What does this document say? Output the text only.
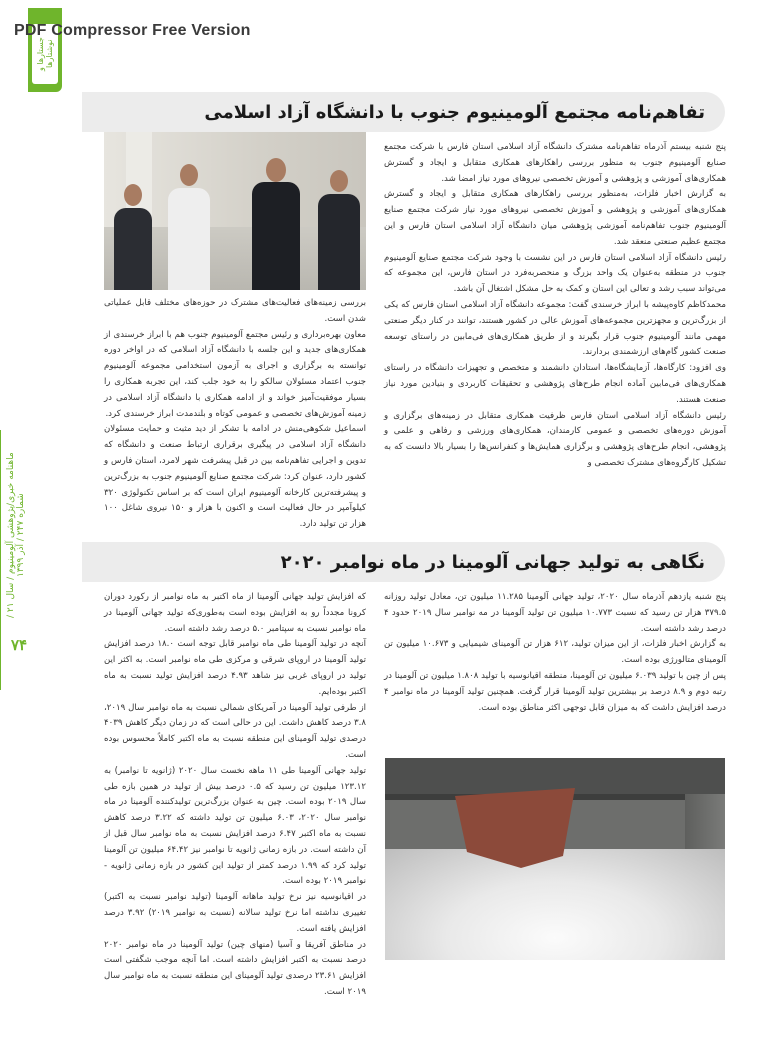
PDF Compressor Free Version
جستار‌ها و نوشتار‌ها
ماهنامه خبری/پژوهشی آلومینیوم / سال ۲۱ / شماره ۲۴۷ / آذر ۱۳۹۹
۷۴
تفاهم‌نامه مجتمع آلومینیوم جنوب با دانشگاه آزاد اسلامی

پنج شنبه بیستم آذرماه تفاهم‌نامه مشترک دانشگاه آزاد اسلامی استان فارس با شرکت مجتمع صنایع آلومینیوم جنوب به منظور بررسی راهکارهای همکاری متقابل و ایجاد و گسترش همکاری‌های آموزشی و پژوهشی و آموزش تخصصی نیروهای مورد نیاز امضا شد.

به گزارش اخبار فلزات، به‌منظور بررسی راهکارهای همکاری متقابل و ایجاد و گسترش همکاری‌های آموزشی و پژوهشی و آموزش تخصصی نیروهای مورد نیاز شرکت مجتمع صنایع آلومینیوم جنوب تفاهم‌نامه آموزشی پژوهشی میان دانشگاه آزاد اسلامی استان فارس و این مجتمع عظیم صنعتی منعقد شد.

رئیس دانشگاه آزاد اسلامی استان فارس در این نشست با وجود شرکت مجتمع صنایع آلومینیوم جنوب در منطقه به‌عنوان یک واحد بزرگ و منحصربه‌فرد در استان فارس، این مجموعه که می‌تواند سبب رشد و تعالی این استان و کمک به حل مشکل اشتغال آن باشد.

محمدکاظم کاوه‌پیشه با ابراز خرسندی گفت: مجموعه دانشگاه آزاد اسلامی استان فارس که یکی از بزرگ‌ترین و مجهزترین مجموعه‌های آموزش عالی در کشور هستند، توانند در کنار دیگر صنعتی مهمی مانند آلومینیوم جنوب قرار بگیرند و از طریق همکاری‌های فی‌مابین در راستای توسعه صنعت کشور گام‌های ارزشمندی بردارند.

وی افزود: کارگاه‌ها، آزمایشگاه‌ها، استادان دانشمند و متخصص و تجهیزات دانشگاه در راستای همکاری‌های فی‌مابین آماده انجام طرح‌های پژوهشی و تحقیقات کاربردی و بنیادین مورد نیاز صنعت هستند.

رئیس دانشگاه آزاد اسلامی استان فارس ظرفیت همکاری متقابل در زمینه‌های برگزاری و آموزش دوره‌های تخصصی و عمومی کارمندان، همکاری‌های ورزشی و رفاهی و علمی و پژوهشی، انجام طرح‌های پژوهشی و برگزاری همایش‌ها و کنفرانس‌ها را بسیار بالا دانست که به تشکیل کارگروه‌های مشترک تخصصی و

بررسی زمینه‌های فعالیت‌های مشترک در حوزه‌های مختلف قابل عملیاتی شدن است.

معاون بهره‌برداری و رئیس مجتمع آلومینیوم جنوب هم با ابراز خرسندی از همکاری‌های جدید و این جلسه با دانشگاه آزاد اسلامی که در اواخر دوره توانسته به برگزاری و اجرای به آزمون استخدامی مجموعه آلومینیوم جنوب اعتماد مسئولان سالکو را به خود جلب کند، این تجربه همکاری را بسیار موفقیت‌آمیز خواند و از ادامه همکاری با دانشگاه آزاد اسلامی در زمینه آموزش‌های تخصصی و عمومی کوتاه و بلندمدت ابراز خرسندی کرد.

اسماعیل شکوهی‌منش در ادامه با تشکر از دید مثبت و حمایت مسئولان دانشگاه آزاد اسلامی در پیگیری برقراری ارتباط صنعت و دانشگاه که تدوین و اجرایی تفاهم‌نامه بین در قبل پیشرفت شهر لامرد، استان فارس و کشور دارد، عنوان کرد: شرکت مجتمع صنایع آلومینیوم جنوب به بزرگ‌ترین و پیشرفته‌ترین کارخانه آلومینیوم ایران است که بر اساس تکنولوژی ۳۲۰ کیلوآمپر در حال فعالیت است و اکنون با هزار و ۱۵۰ نیروی شاغل ۱۰۰ هزار تن تولید دارد.

نگاهی به تولید جهانی آلومینا در ماه نوامبر ۲۰۲۰

پنج شنبه یازدهم آذرماه سال ۲۰۲۰، تولید جهانی آلومینا ۱۱.۲۸۵ میلیون تن، معادل تولید روزانه ۳۷۹.۵ هزار تن رسید که نسبت ۱۰.۷۷۳ میلیون تن تولید آلومینا در مه نوامبر سال ۲۰۱۹ حدود ۴ درصد رشد داشته است.

به گزارش اخبار فلزات، از این میزان تولید، ۶۱۲ هزار تن آلومینای شیمیایی و ۱۰.۶۷۳ میلیون تن آلومینای متالورژی بوده است.

پس از چین با تولید ۶.۰۳۹ میلیون تن آلومینا، منطقه اقیانوسیه با تولید ۱.۸۰۸ میلیون تن آلومینا در رتبه دوم و ۸.۹ درصد بر بیشترین تولید آلومینا قرار گرفت. همچنین تولید آلومینا در ماه نوامبر ۴ درصد افزایش داشت که به میزان قابل توجهی اکثر مناطق بوده است.

که افزایش تولید جهانی آلومینا از ماه اکتبر به ماه نوامبر از رکورد دوران کرونا مجدداً رو به افزایش بوده است به‌طوری‌که تولید جهانی آلومینا در ماه نوامبر نسبت به سپتامبر ۵.۰ درصد رشد داشته است.

آنچه در تولید آلومینا طی ماه نوامبر قابل توجه است ۱۸.۰ درصد افزایش تولید آلومینا در اروپای شرقی و مرکزی طی ماه نوامبر است. به اکثر این تولید در اروپای غربی نیز شاهد ۴.۹۳ درصد افزایش تولید نسبت به ماه اکتبر بوده‌ایم.

از طرفی تولید آلومینا در آمریکای شمالی نسبت به ماه نوامبر سال ۲۰۱۹، ۳.۸ درصد کاهش داشت. این در حالی است که در زمان دیگر کاهش ۴۰۳۹ درصدی تولید آلومینای این منطقه نسبت به ماه اکتبر کاملاً محسوس بوده است.

تولید جهانی آلومینا طی ۱۱ ماهه نخست سال ۲۰۲۰ (ژانویه تا نوامبر) به ۱۲۳.۱۲ میلیون تن رسید که ۰.۵ درصد بیش از تولید در همین بازه طی سال ۲۰۱۹ بوده است. چین به عنوان بزرگ‌ترین تولیدکننده آلومینا در ماه نوامبر سال ۲۰۲۰، ۶.۰۳ میلیون تن تولید داشته که ۳.۲۲ درصد کاهش نسبت به ماه اکتبر ۶.۴۷ درصد افزایش نسبت به ماه نوامبر سال قبل از آن داشته است. در بازه زمانی ژانویه تا نوامبر نیز ۶۴.۴۲ میلیون تن آلومینا تولید کرد که ۱.۹۹ درصد کمتر از تولید این کشور در بازه زمانی ژانویه - نوامبر ۲۰۱۹ بوده است.

در اقیانوسیه نیز نرخ تولید ماهانه آلومینا (تولید نوامبر نسبت به اکتبر) تغییری نداشته اما نرخ تولید سالانه (نسبت به نوامبر ۲۰۱۹) ۳.۹۲ درصد افزایش یافته است.

در مناطق آفریقا و آسیا (منهای چین) تولید آلومینا در ماه نوامبر ۲۰۲۰ درصد نسبت به اکتبر افزایش داشته است. اما آنچه موجب شگفتی است افزایش ۲۳.۶۱ درصدی تولید آلومینای این منطقه نسبت به ماه نوامبر سال ۲۰۱۹ است.
